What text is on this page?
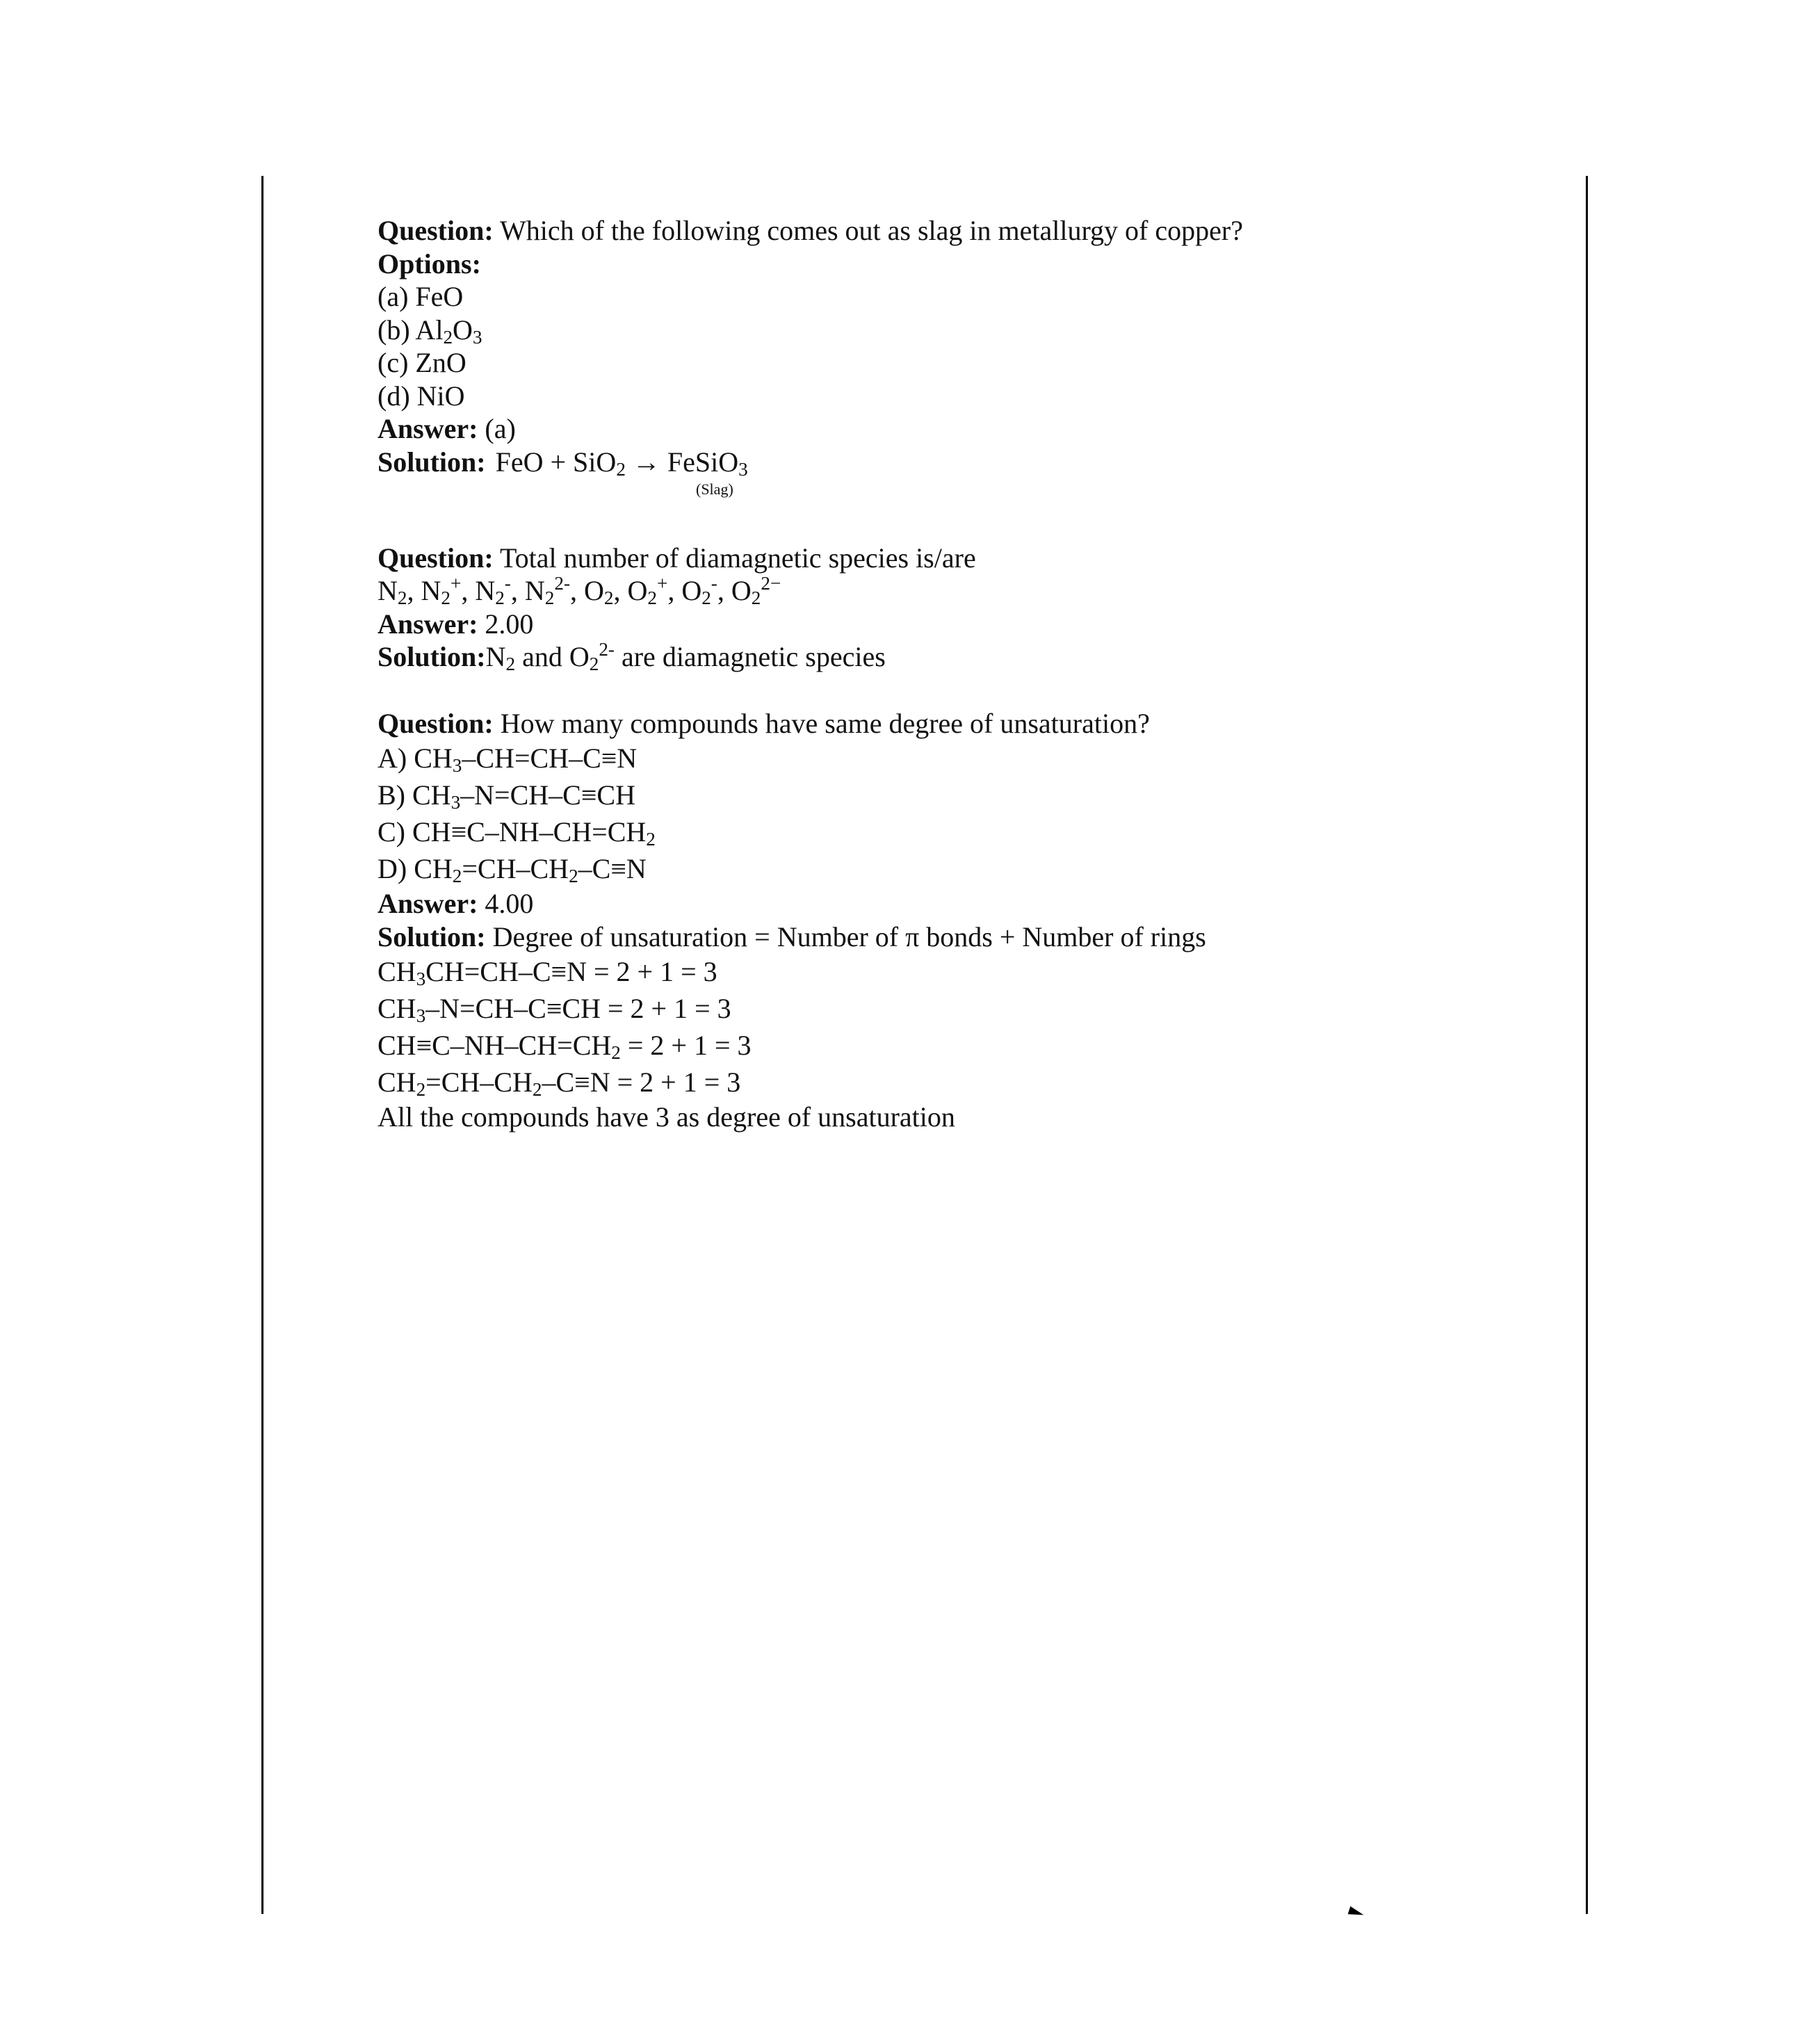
Question: Which of the following comes out as slag in metallurgy of copper?
Options:
(a) FeO
(b) $Al_2O_3$
(c) ZnO
(d) NiO
Answer: (a)
Solution: FeO + SiO$_2$ → FeSiO$_3$
(Slag)
Question: Total number of diamagnetic species is/are
$N_2$, $N_2^+$, $N_2^-$, $N_2^{2-}$, $O_2$, $O_2^+$, $O_2^-$, $O_2^{2-}$
Answer: 2.00
$Solution:N_2$ and $O_2^{2-}$ are diamagnetic species
Question: How many compounds have same degree of unsaturation?
A) $CH_3-CH=CH-C\equiv N$
B) $CH_3-N=CH-C\equiv CH$
C) $CH\equiv C-NH-CH=CH_2$
D) $CH_2=CH-CH_2-C\equiv N$
Answer: 4.00
Solution: Degree of unsaturation = Number of π bonds + Number of rings
$CH_3CH=CH-C\equiv N = 2 + 1 = 3$
$CH_3-N=CH-C\equiv CH = 2 + 1 = 3$
$CH\equiv C-NH-CH=CH_2 = 2 + 1 = 3$
$CH_2=CH-CH_2-C\equiv N = 2 + 1 = 3$
All the compounds have 3 as degree of unsaturation
